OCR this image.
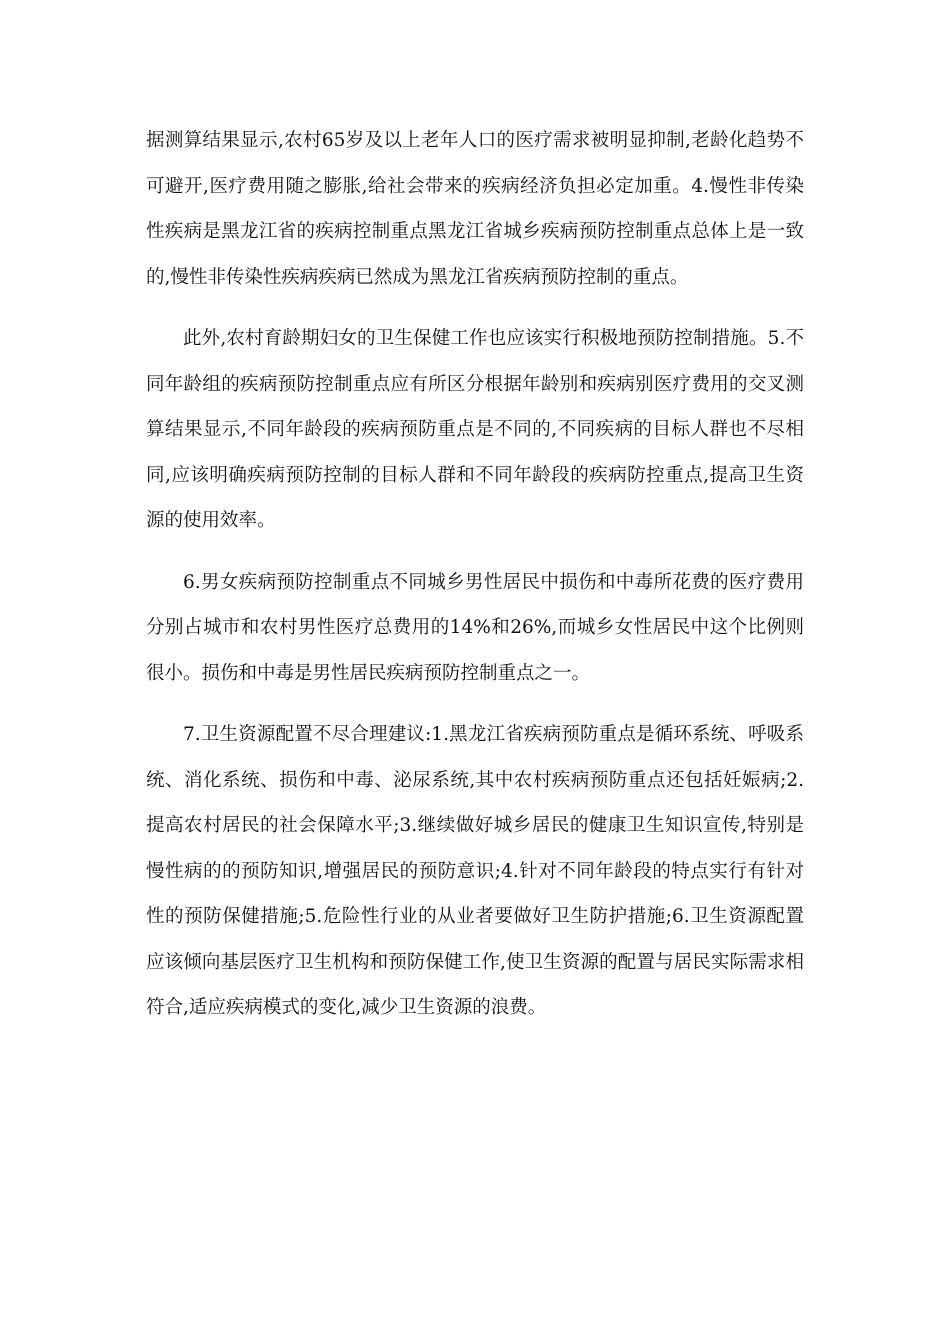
据测算结果显示,农村65岁及以上老年人口的医疗需求被明显抑制,老龄化趋势不可避开,医疗费用随之膨胀,给社会带来的疾病经济负担必定加重。4.慢性非传染性疾病是黑龙江省的疾病控制重点黑龙江省城乡疾病预防控制重点总体上是一致的,慢性非传染性疾病疾病已然成为黑龙江省疾病预防控制的重点。

此外,农村育龄期妇女的卫生保健工作也应该实行积极地预防控制措施。5.不同年龄组的疾病预防控制重点应有所区分根据年龄别和疾病别医疗费用的交叉测算结果显示,不同年龄段的疾病预防重点是不同的,不同疾病的目标人群也不尽相同,应该明确疾病预防控制的目标人群和不同年龄段的疾病防控重点,提高卫生资源的使用效率。

6.男女疾病预防控制重点不同城乡男性居民中损伤和中毒所花费的医疗费用分别占城市和农村男性医疗总费用的14%和26%,而城乡女性居民中这个比例则很小。损伤和中毒是男性居民疾病预防控制重点之一。

7.卫生资源配置不尽合理建议:1.黑龙江省疾病预防重点是循环系统、呼吸系统、消化系统、损伤和中毒、泌尿系统,其中农村疾病预防重点还包括妊娠病;2.提高农村居民的社会保障水平;3.继续做好城乡居民的健康卫生知识宣传,特别是慢性病的的预防知识,增强居民的预防意识;4.针对不同年龄段的特点实行有针对性的预防保健措施;5.危险性行业的从业者要做好卫生防护措施;6.卫生资源配置应该倾向基层医疗卫生机构和预防保健工作,使卫生资源的配置与居民实际需求相符合,适应疾病模式的变化,减少卫生资源的浪费。
